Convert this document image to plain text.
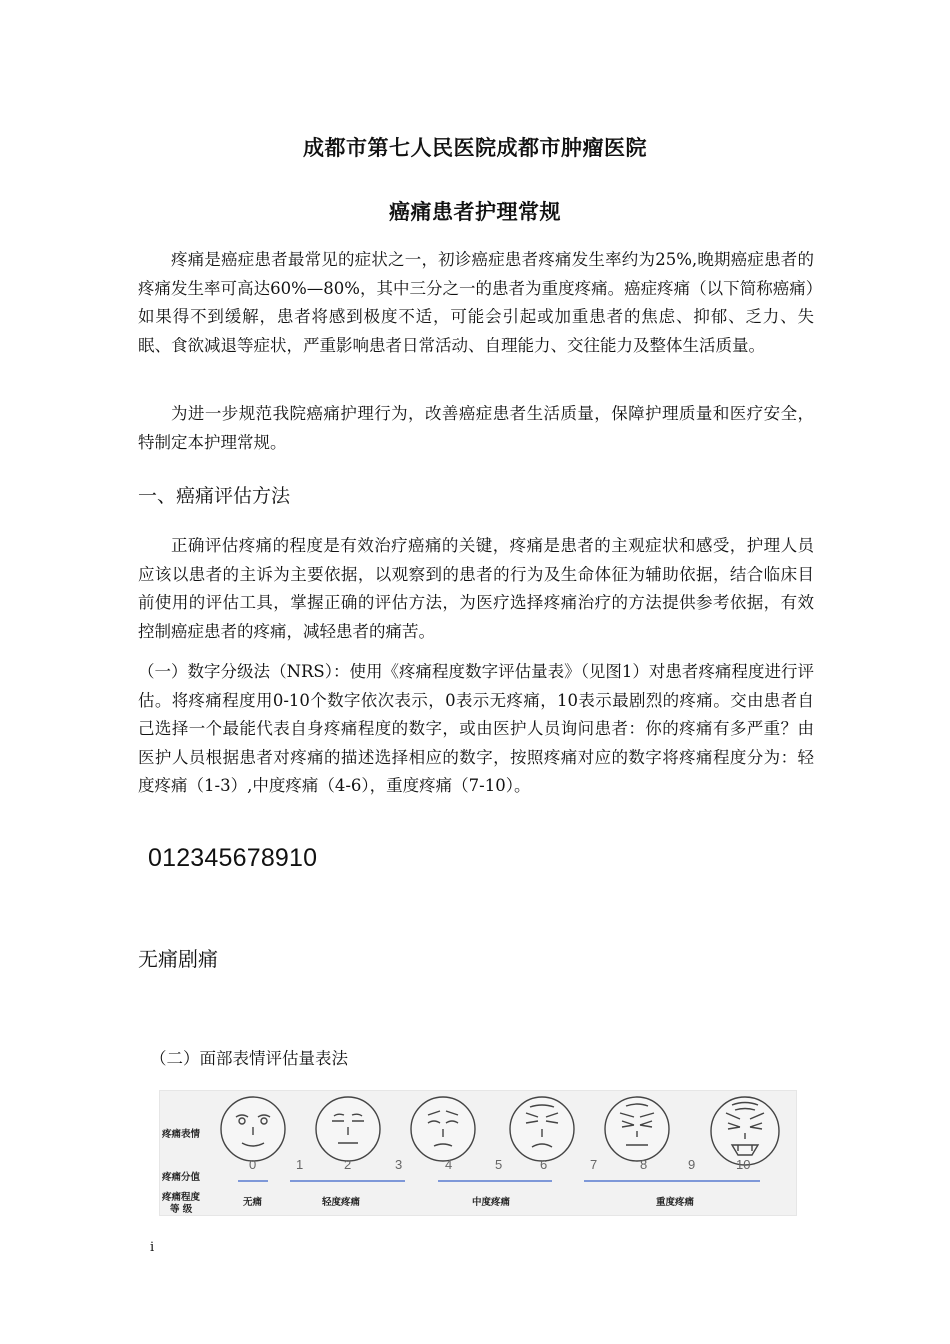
成都市第七人民医院成都市肿瘤医院
癌痛患者护理常规
疼痛是癌症患者最常见的症状之一，初诊癌症患者疼痛发生率约为25%,晚期癌症患者的疼痛发生率可高达60%—80%，其中三分之一的患者为重度疼痛。癌症疼痛（以下简称癌痛）如果得不到缓解，患者将感到极度不适，可能会引起或加重患者的焦虑、抑郁、乏力、失眠、食欲减退等症状，严重影响患者日常活动、自理能力、交往能力及整体生活质量。
为进一步规范我院癌痛护理行为，改善癌症患者生活质量，保障护理质量和医疗安全，特制定本护理常规。
一、癌痛评估方法
正确评估疼痛的程度是有效治疗癌痛的关键，疼痛是患者的主观症状和感受，护理人员应该以患者的主诉为主要依据，以观察到的患者的行为及生命体征为辅助依据，结合临床目前使用的评估工具，掌握正确的评估方法，为医疗选择疼痛治疗的方法提供参考依据，有效控制癌症患者的疼痛，减轻患者的痛苦。
（一）数字分级法（NRS）：使用《疼痛程度数字评估量表》（见图1）对患者疼痛程度进行评估。将疼痛程度用0-10个数字依次表示，0表示无疼痛，10表示最剧烈的疼痛。交由患者自己选择一个最能代表自身疼痛程度的数字，或由医护人员询问患者：你的疼痛有多严重？由医护人员根据患者对疼痛的描述选择相应的数字，按照疼痛对应的数字将疼痛程度分为：轻度疼痛（1-3）,中度疼痛（4-6），重度疼痛（7-10）。
012345678910
无痛剧痛
（二）面部表情评估量表法
疼痛表情
疼痛分值
疼痛程度
等 级
0	1	2	3	4	5	6	7	8	9	10
无痛	轻度疼痛	中度疼痛	重度疼痛
i
